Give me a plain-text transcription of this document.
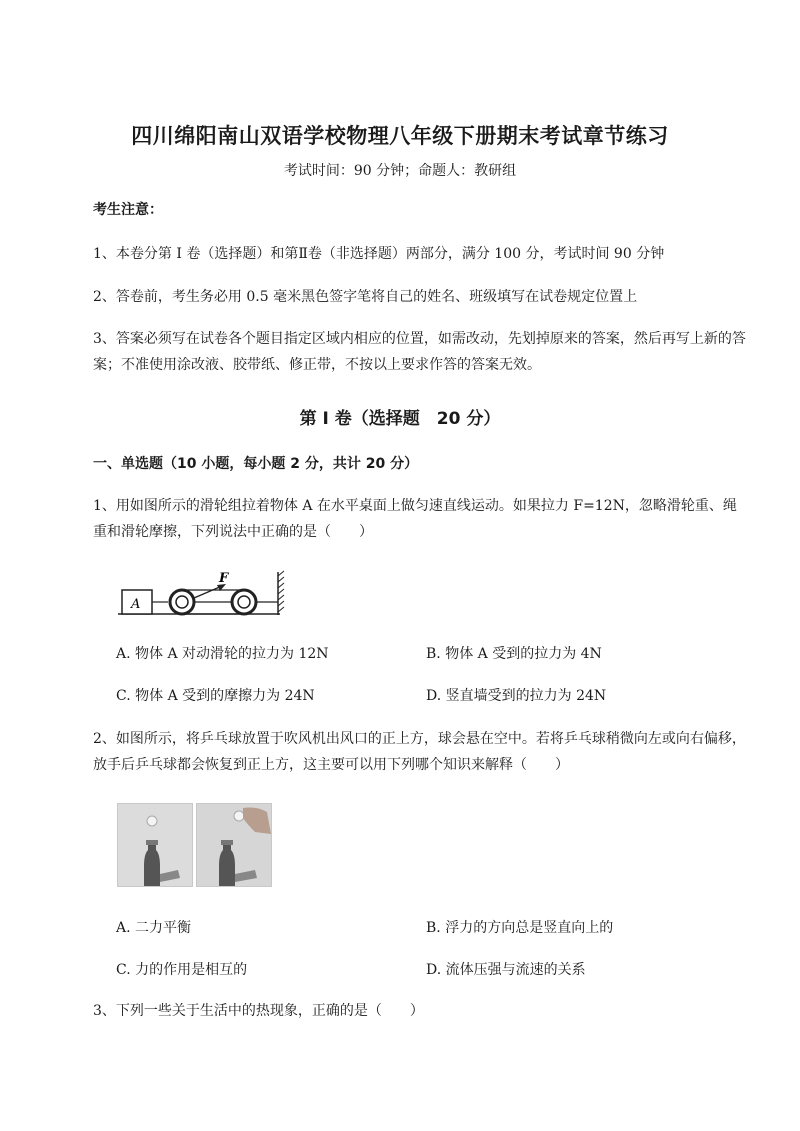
四川绵阳南山双语学校物理八年级下册期末考试章节练习
考试时间：90 分钟；命题人：教研组
考生注意：
1、本卷分第 I 卷（选择题）和第Ⅱ卷（非选择题）两部分，满分 100 分，考试时间 90 分钟
2、答卷前，考生务必用 0.5 毫米黑色签字笔将自己的姓名、班级填写在试卷规定位置上
3、答案必须写在试卷各个题目指定区域内相应的位置，如需改动，先划掉原来的答案，然后再写上新的答案；不准使用涂改液、胶带纸、修正带，不按以上要求作答的答案无效。
第 I 卷（选择题　20 分）
一、单选题（10 小题，每小题 2 分，共计 20 分）
1、用如图所示的滑轮组拉着物体 A 在水平桌面上做匀速直线运动。如果拉力 F=12N，忽略滑轮重、绳重和滑轮摩擦，下列说法中正确的是（　　）
A
F
A. 物体 A 对动滑轮的拉力为 12N	B. 物体 A 受到的拉力为 4N
C. 物体 A 受到的摩擦力为 24N	D. 竖直墙受到的拉力为 24N
2、如图所示，将乒乓球放置于吹风机出风口的正上方，球会悬在空中。若将乒乓球稍微向左或向右偏移，放手后乒乓球都会恢复到正上方，这主要可以用下列哪个知识来解释（　　）
A. 二力平衡	B. 浮力的方向总是竖直向上的
C. 力的作用是相互的	D. 流体压强与流速的关系
3、下列一些关于生活中的热现象，正确的是（　　）
